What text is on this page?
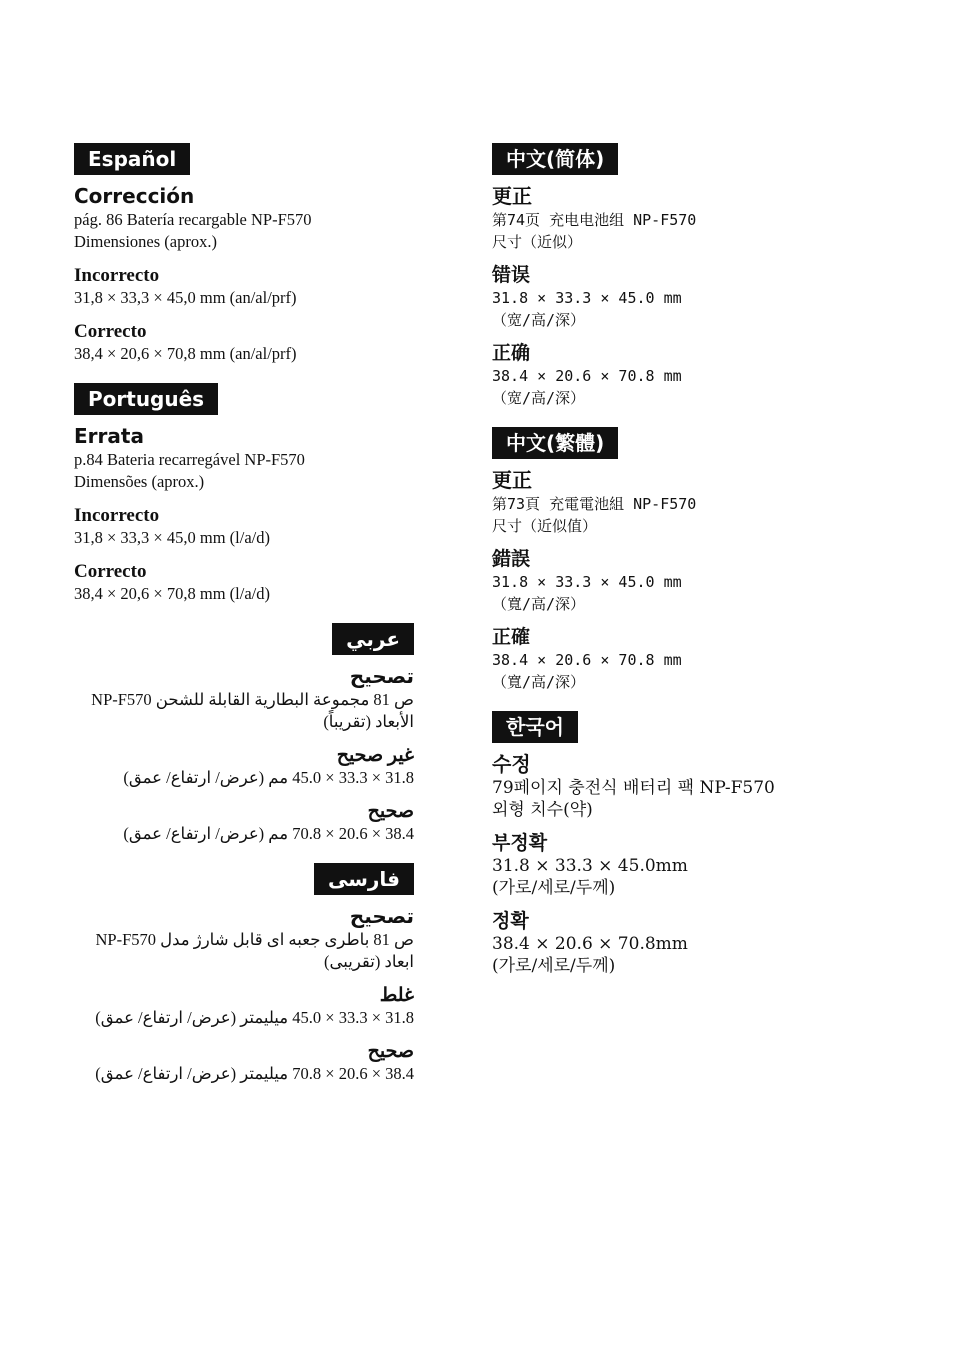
Español
Corrección
pág. 86 Batería recargable NP-F570
Dimensiones (aprox.)
Incorrecto
31,8 × 33,3 × 45,0 mm (an/al/prf)
Correcto
38,4 × 20,6 × 70,8 mm (an/al/prf)
Português
Errata
p.84 Bateria recarregável NP-F570
Dimensões (aprox.)
Incorrecto
31,8 × 33,3 × 45,0 mm (l/a/d)
Correcto
38,4 × 20,6 × 70,8 mm (l/a/d)
عربي
تصحيح
ص 81 مجموعة البطارية القابلة للشحن NP-F570
الأبعاد (تقريباً)
غير صحيح
31.8 × 33.3 × 45.0 مم (عرض/ ارتفاع/ عمق)
صحيح
38.4 × 20.6 × 70.8 مم (عرض/ ارتفاع/ عمق)
فارسی
تصحيح
ص 81 باطری جعبه ای قابل شارژ مدل NP-F570
ابعاد (تقریبی)
غلط
31.8 × 33.3 × 45.0 میلیمتر (عرض/ ارتفاع/ عمق)
صحيح
38.4 × 20.6 × 70.8 میلیمتر (عرض/ ارتفاع/ عمق)
中文(简体)
更正
第74页 充电电池组 NP-F570
尺寸（近似）
错误
31.8 × 33.3 × 45.0 mm
（宽/高/深）
正确
38.4 × 20.6 × 70.8 mm
（宽/高/深）
中文(繁體)
更正
第73頁 充電電池組 NP-F570
尺寸（近似值）
錯誤
31.8 × 33.3 × 45.0 mm
（寬/高/深）
正確
38.4 × 20.6 × 70.8 mm
（寬/高/深）
한국어
수정
79페이지 충전식 배터리 팩 NP-F570
외형 치수(약)
부정확
31.8 × 33.3 × 45.0mm
(가로/세로/두께)
정확
38.4 × 20.6 × 70.8mm
(가로/세로/두께)
